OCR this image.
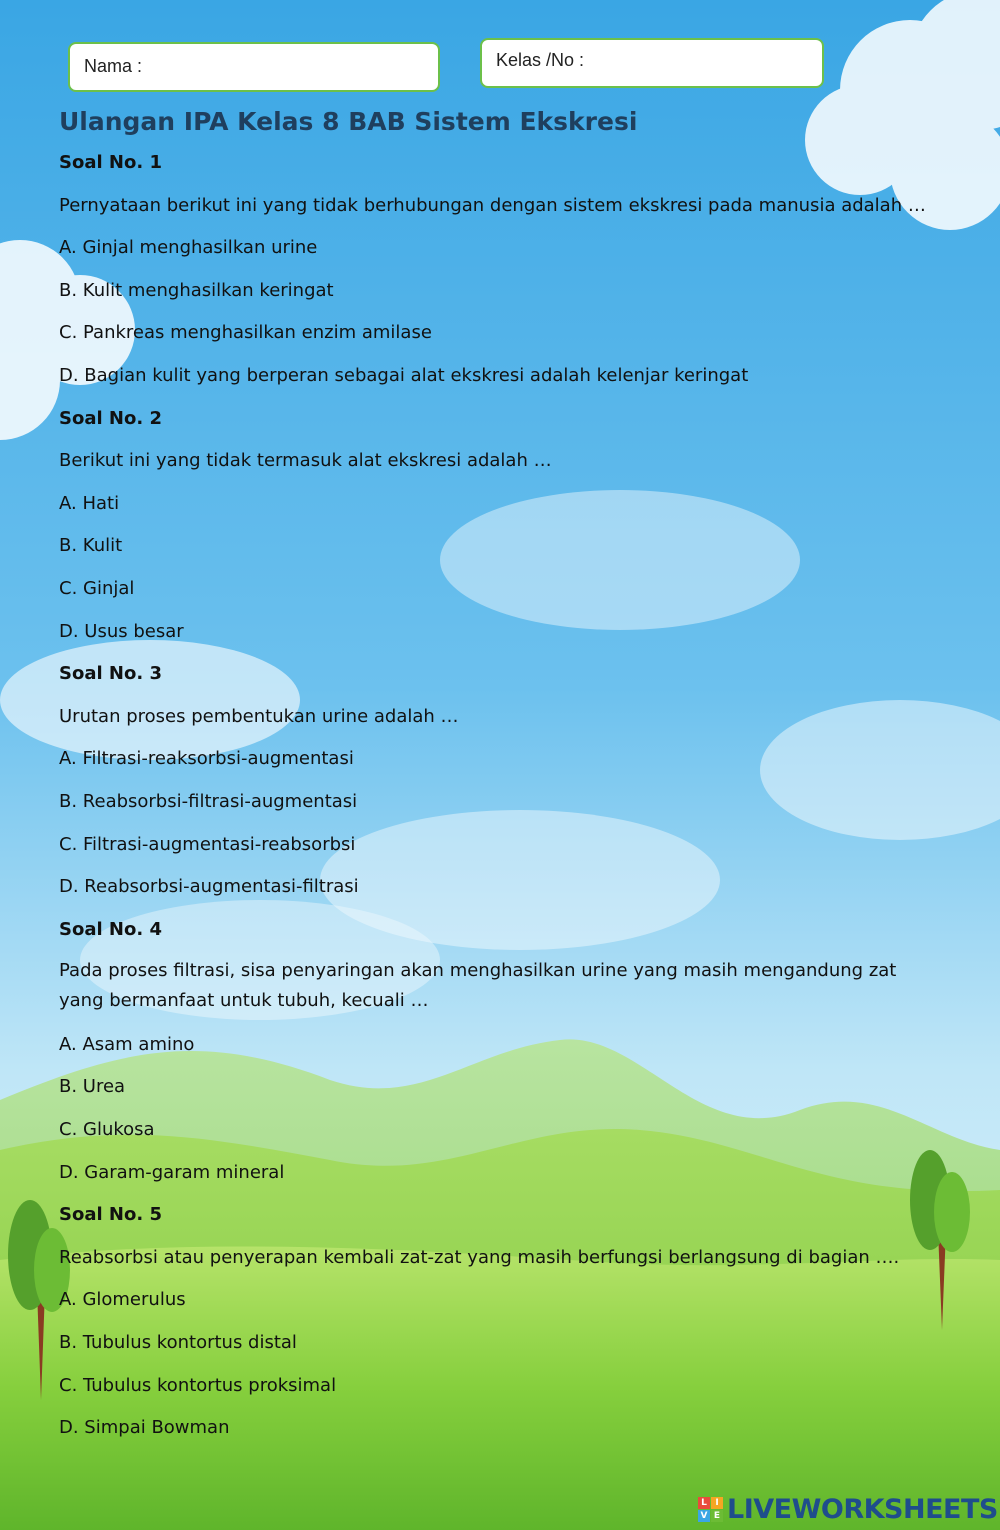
Nama :	Kelas /No :
Ulangan IPA Kelas 8 BAB Sistem Ekskresi
Soal No. 1
Pernyataan berikut ini yang tidak berhubungan dengan sistem ekskresi pada manusia adalah …
A. Ginjal menghasilkan urine
B. Kulit menghasilkan keringat
C. Pankreas menghasilkan enzim amilase
D. Bagian kulit yang berperan sebagai alat ekskresi adalah kelenjar keringat
Soal No. 2
Berikut ini yang tidak termasuk alat ekskresi adalah …
A. Hati
B. Kulit
C. Ginjal
D. Usus besar
Soal No. 3
Urutan proses pembentukan urine adalah …
A. Filtrasi-reaksorbsi-augmentasi
B. Reabsorbsi-filtrasi-augmentasi
C. Filtrasi-augmentasi-reabsorbsi
D. Reabsorbsi-augmentasi-filtrasi
Soal No. 4
Pada proses filtrasi, sisa penyaringan akan menghasilkan urine yang masih mengandung zat yang bermanfaat untuk tubuh, kecuali …
A. Asam amino
B. Urea
C. Glukosa
D. Garam-garam mineral
Soal No. 5
Reabsorbsi atau penyerapan kembali zat-zat yang masih berfungsi berlangsung di bagian ….
A. Glomerulus
B. Tubulus kontortus distal
C. Tubulus kontortus proksimal
D. Simpai Bowman
L I
V E LIVEWORKSHEETS
